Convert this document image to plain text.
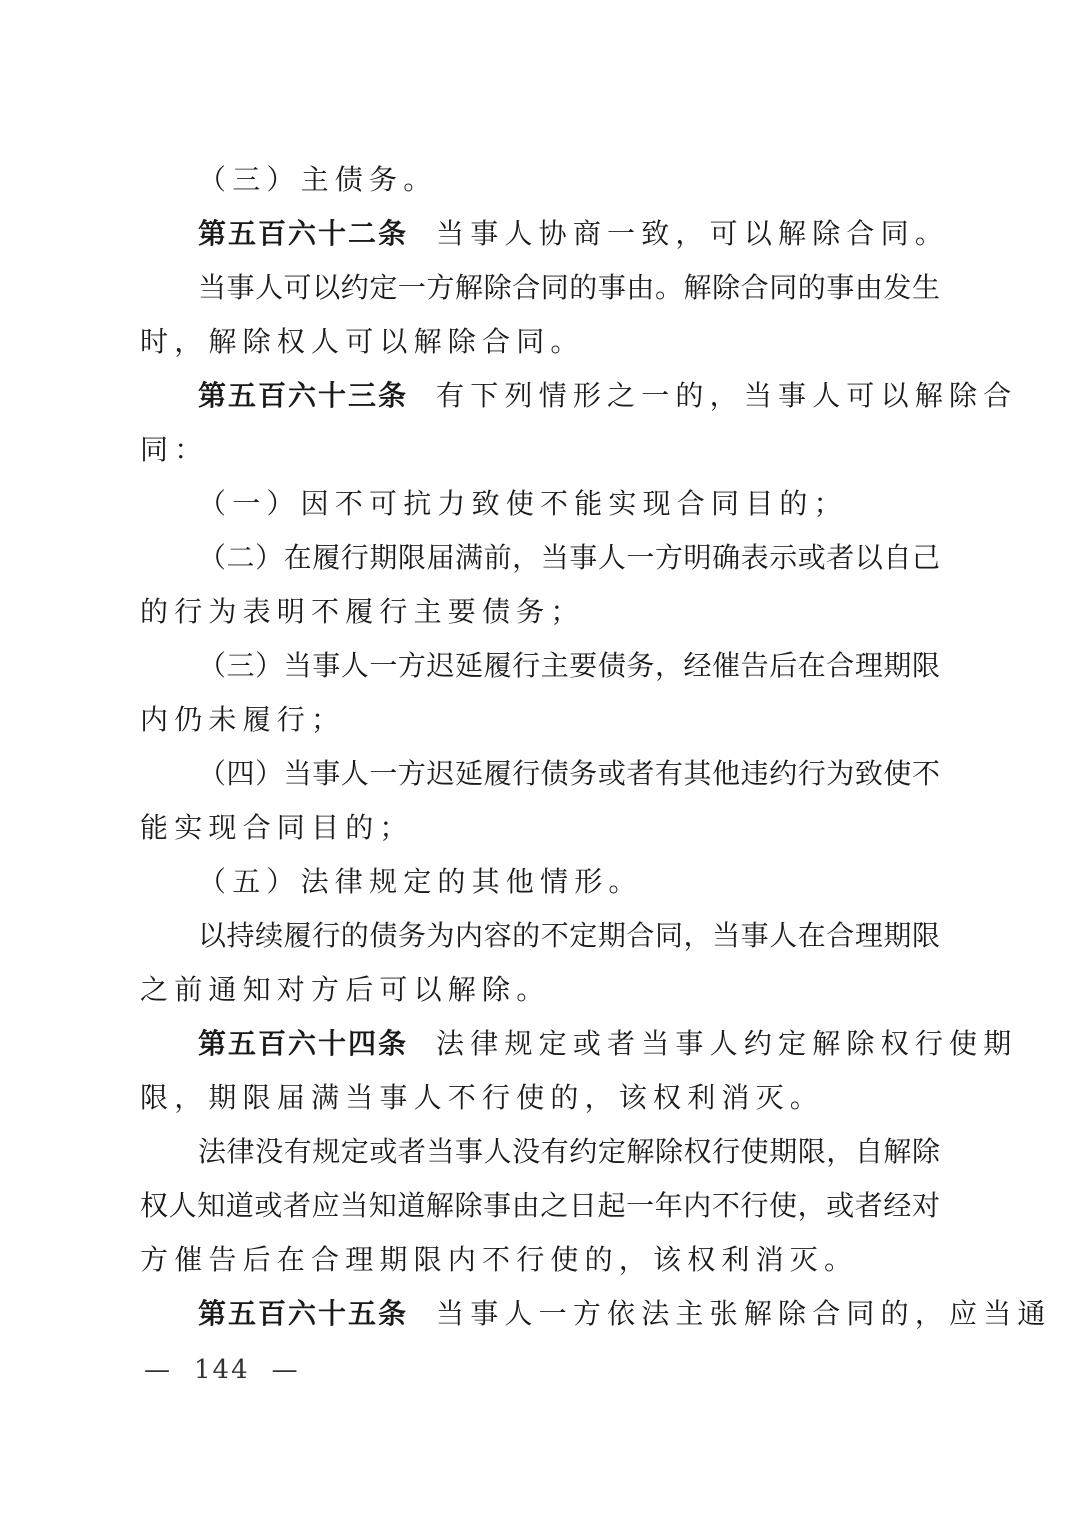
（三）主债务。
第五百六十二条 当事人协商一致，可以解除合同。
当事人可以约定一方解除合同的事由。解除合同的事由发生
时，解除权人可以解除合同。
第五百六十三条 有下列情形之一的，当事人可以解除合
同：
（一）因不可抗力致使不能实现合同目的；
（二）在履行期限届满前，当事人一方明确表示或者以自己
的行为表明不履行主要债务；
（三）当事人一方迟延履行主要债务，经催告后在合理期限
内仍未履行；
（四）当事人一方迟延履行债务或者有其他违约行为致使不
能实现合同目的；
（五）法律规定的其他情形。
以持续履行的债务为内容的不定期合同，当事人在合理期限
之前通知对方后可以解除。
第五百六十四条 法律规定或者当事人约定解除权行使期
限，期限届满当事人不行使的，该权利消灭。
法律没有规定或者当事人没有约定解除权行使期限，自解除
权人知道或者应当知道解除事由之日起一年内不行使，或者经对
方催告后在合理期限内不行使的，该权利消灭。
第五百六十五条 当事人一方依法主张解除合同的，应当通
— 144 —
